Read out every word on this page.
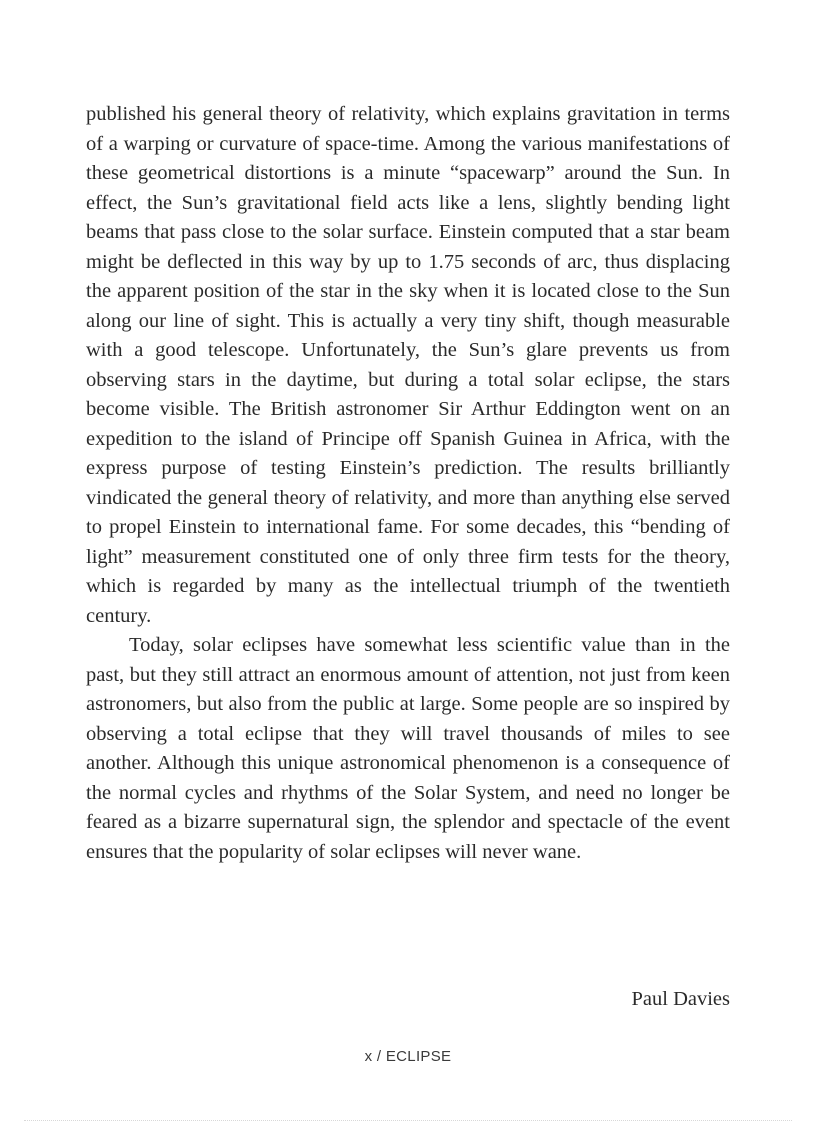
published his general theory of relativity, which explains gravitation in terms of a warping or curvature of space-time. Among the various manifestations of these geometrical distortions is a minute “spacewarp” around the Sun. In effect, the Sun’s gravitational field acts like a lens, slightly bending light beams that pass close to the solar surface. Einstein computed that a star beam might be deflected in this way by up to 1.75 seconds of arc, thus displacing the apparent position of the star in the sky when it is located close to the Sun along our line of sight. This is actually a very tiny shift, though measurable with a good telescope. Unfortunately, the Sun’s glare prevents us from observing stars in the daytime, but during a total solar eclipse, the stars become visible. The British astronomer Sir Arthur Eddington went on an expedition to the island of Principe off Spanish Guinea in Africa, with the express purpose of testing Einstein’s prediction. The results brilliantly vindicated the general theory of relativity, and more than anything else served to propel Einstein to international fame. For some decades, this “bending of light” measurement constituted one of only three firm tests for the theory, which is regarded by many as the intellectual triumph of the twentieth century.

Today, solar eclipses have somewhat less scientific value than in the past, but they still attract an enormous amount of attention, not just from keen astronomers, but also from the public at large. Some people are so inspired by observing a total eclipse that they will travel thousands of miles to see another. Although this unique astronomical phenomenon is a consequence of the normal cycles and rhythms of the Solar System, and need no longer be feared as a bizarre supernatural sign, the splendor and spectacle of the event ensures that the popularity of solar eclipses will never wane.

Paul Davies
x / ECLIPSE
